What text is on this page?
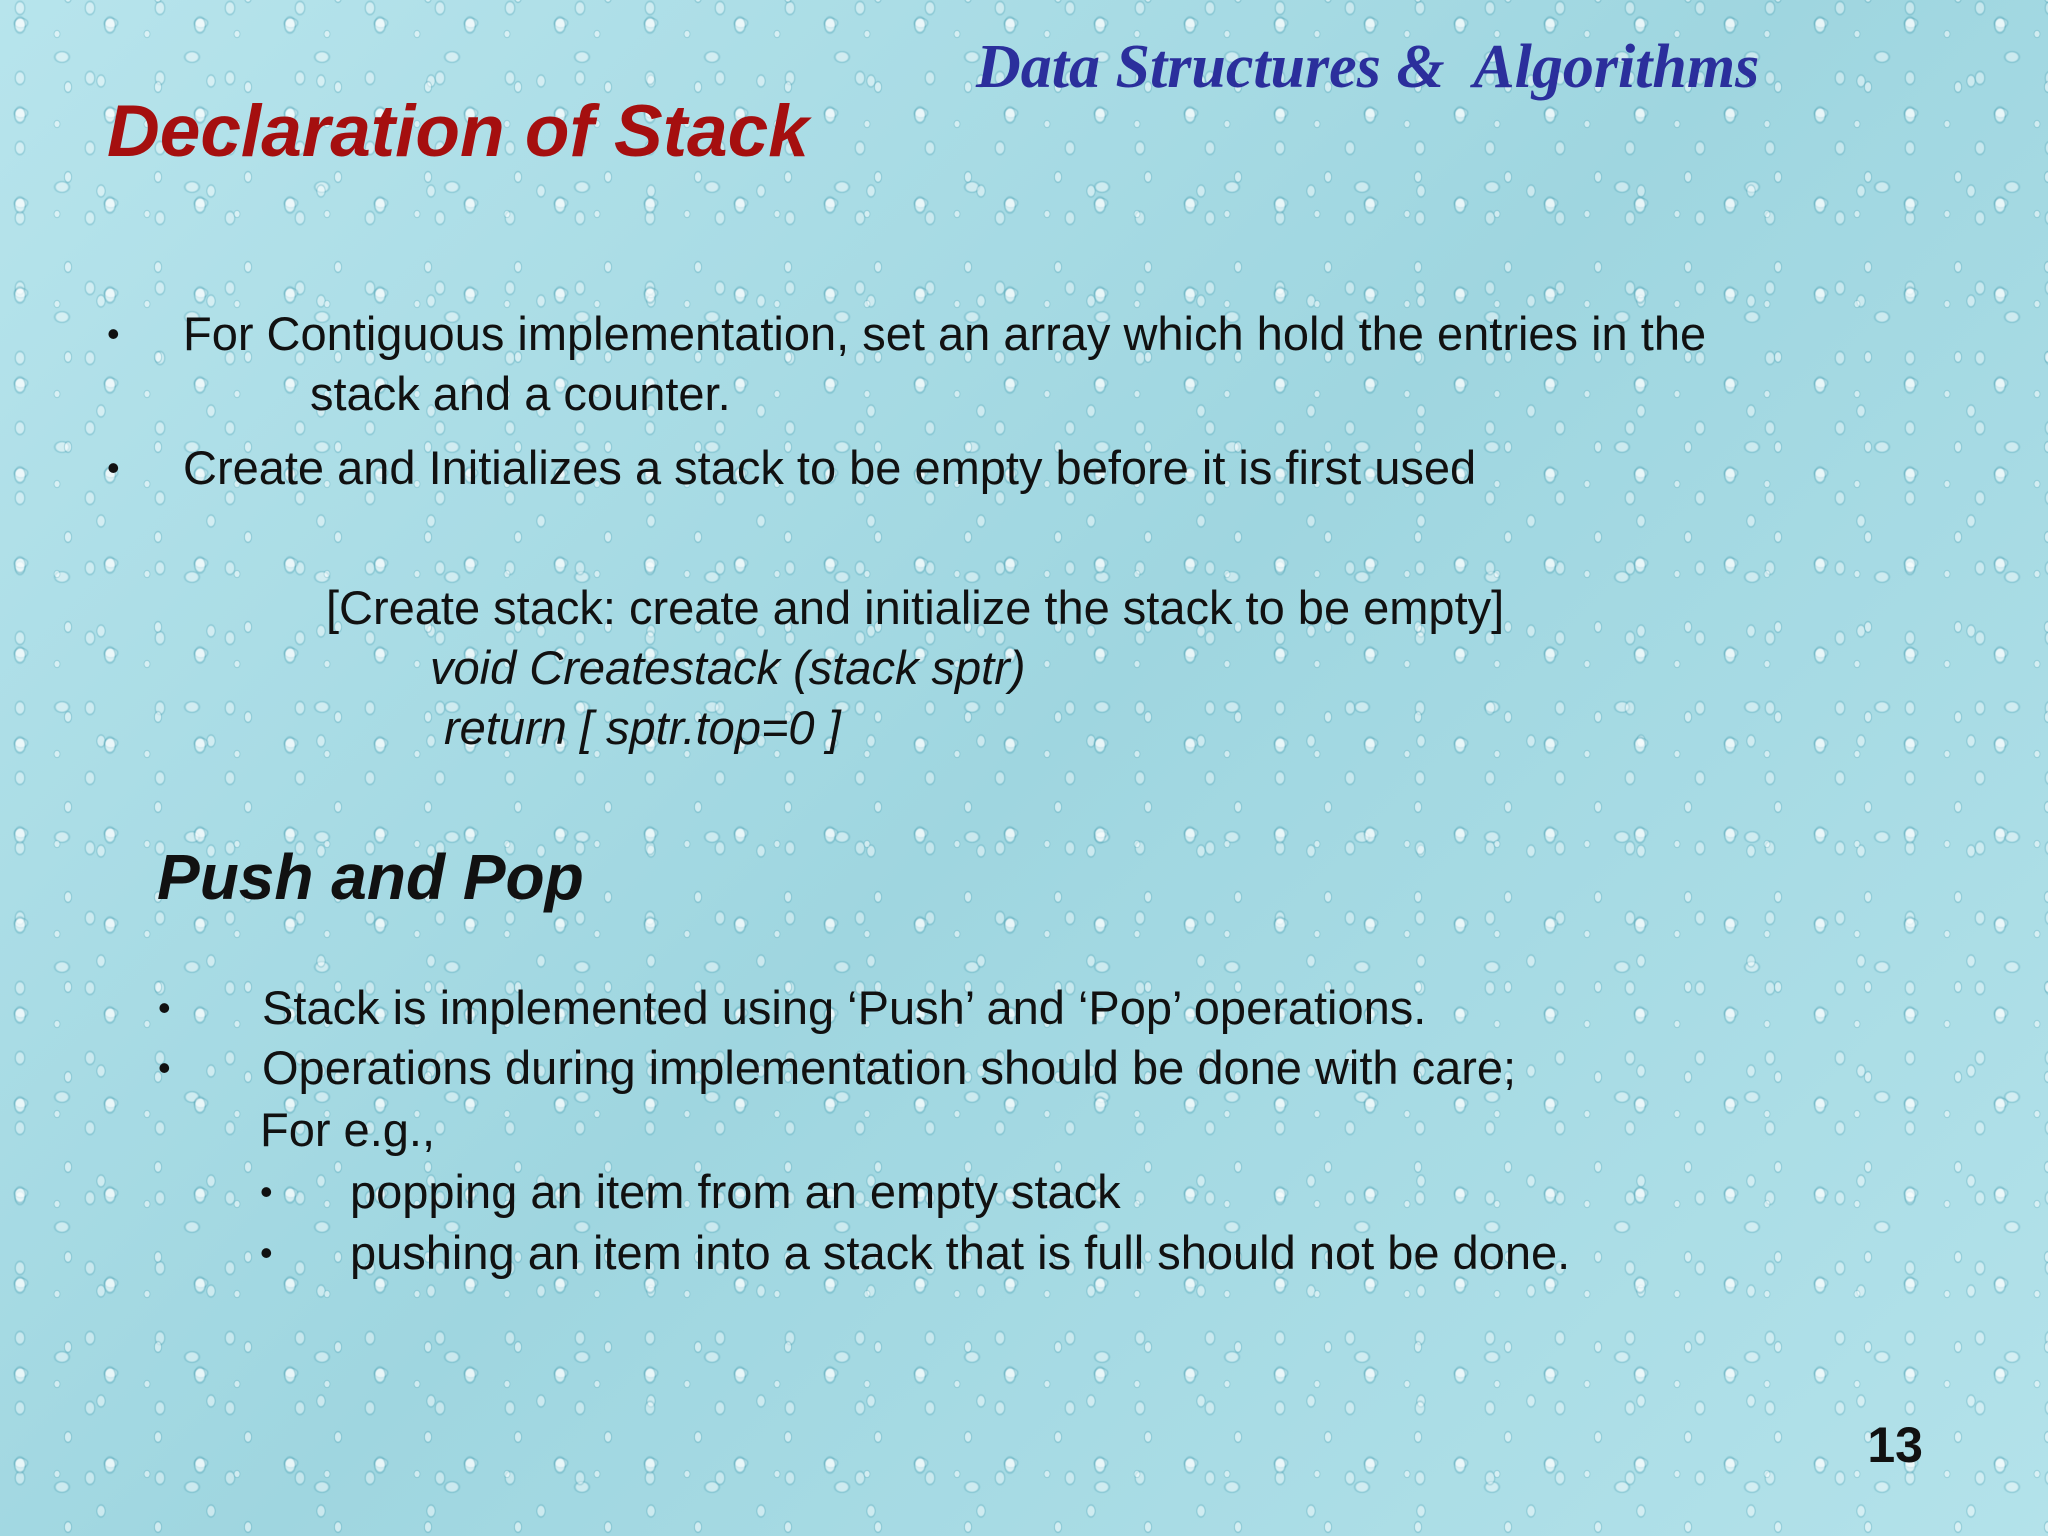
Data Structures &  Algorithms
Declaration of Stack
• For Contiguous implementation, set an array which hold the entries in the
stack and a counter.
• Create and Initializes a stack to be empty before it is first used
[Create stack: create and initialize the stack to be empty]
void Createstack (stack sptr)
return [ sptr.top=0 ]
Push and Pop
• Stack is implemented using ‘Push’ and ‘Pop’ operations.
• Operations during implementation should be done with care;
For e.g.,
• popping an item from an empty stack
• pushing an item into a stack that is full should not be done.
13
